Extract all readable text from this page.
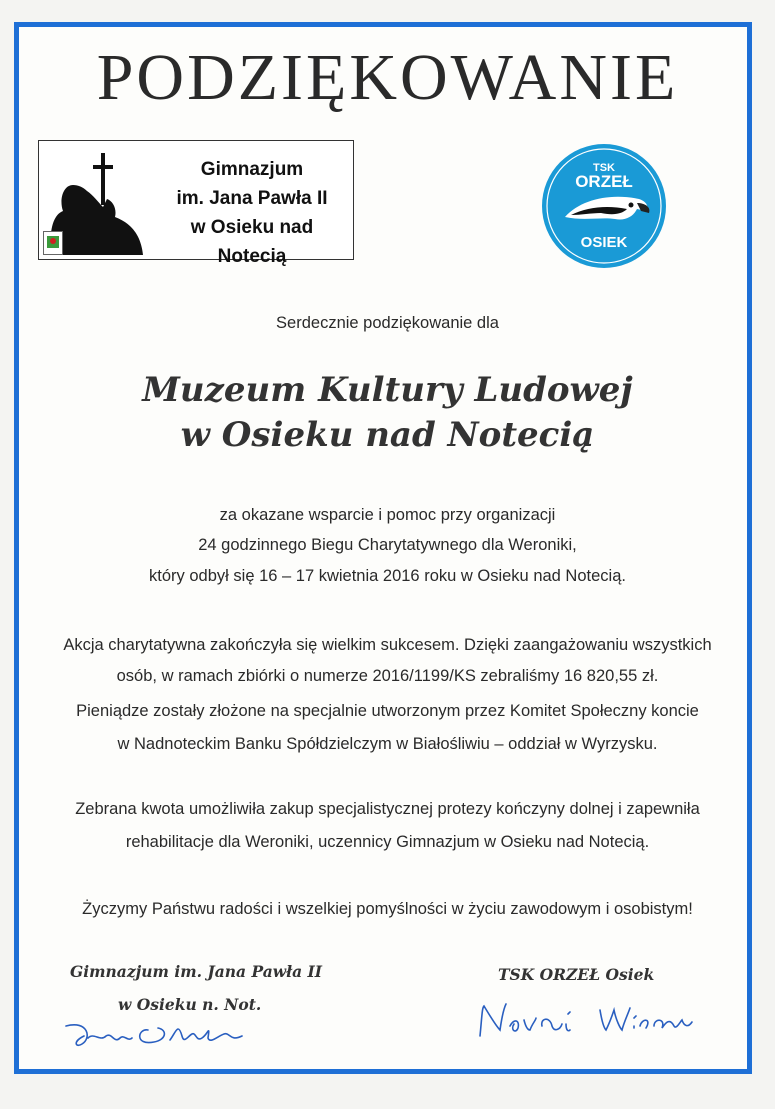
PODZIĘKOWANIE
Gimnazjum
im. Jana Pawła II
w Osieku nad Notecią
TSK
ORZEŁ
OSIEK
Serdecznie podziękowanie dla
Muzeum Kultury Ludowej
w Osieku nad Notecią
za okazane wsparcie i pomoc przy organizacji
24 godzinnego Biegu Charytatywnego dla Weroniki,
który odbył się 16 – 17 kwietnia 2016 roku w Osieku nad Notecią.
Akcja charytatywna zakończyła się wielkim sukcesem. Dzięki zaangażowaniu wszystkich
osób, w ramach zbiórki o numerze 2016/1199/KS zebraliśmy 16 820,55 zł.
Pieniądze zostały złożone na specjalnie utworzonym przez Komitet Społeczny koncie
w Nadnoteckim Banku Spółdzielczym w Białośliwiu – oddział w Wyrzysku.
Zebrana kwota umożliwiła zakup specjalistycznej protezy kończyny dolnej i zapewniła
rehabilitacje dla Weroniki, uczennicy Gimnazjum w Osieku nad Notecią.
Życzymy Państwu radości i wszelkiej pomyślności w życiu zawodowym i osobistym!
Gimnazjum im. Jana Pawła II
w Osieku n. Not.
TSK ORZEŁ Osiek
